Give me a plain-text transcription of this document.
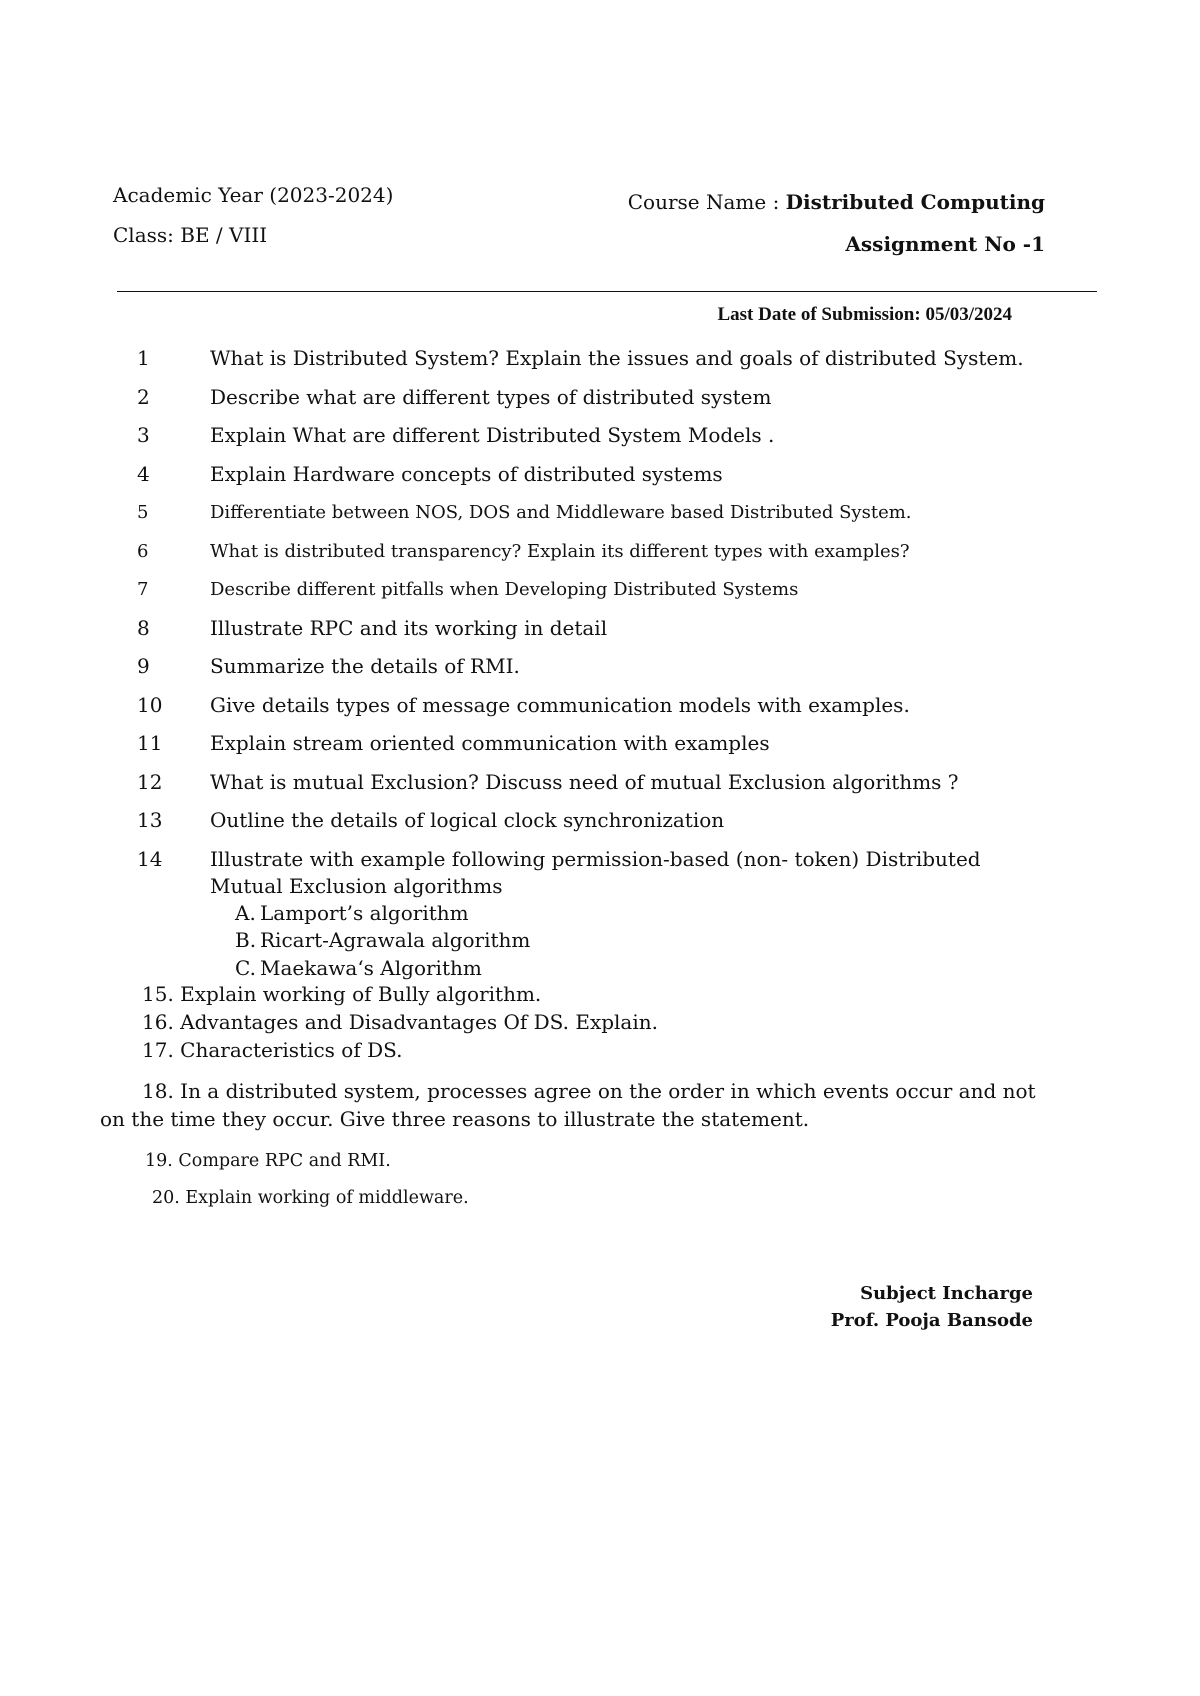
Academic Year (2023-2024)
Class: BE / VIII
Course Name : Distributed Computing
Assignment No -1
Last Date of Submission: 05/03/2024
1	What is Distributed System? Explain the issues and goals of distributed System.
2	Describe what are different types of distributed system
3	Explain What are different Distributed System Models .
4	Explain Hardware concepts of distributed systems
5	Differentiate between NOS, DOS and Middleware based Distributed System.
6	What is distributed transparency? Explain its different types with examples?
7	Describe different pitfalls when Developing Distributed Systems
8	Illustrate RPC and its working in detail
9	Summarize the details of RMI.
10	Give details types of message communication models with examples.
11	Explain stream oriented communication with examples
12	What is mutual Exclusion? Discuss need of mutual Exclusion algorithms ?
13	Outline the details of logical clock synchronization
14	Illustrate with example following permission-based (non- token) Distributed Mutual Exclusion algorithms
A. Lamport’s algorithm
B. Ricart-Agrawala algorithm
C. Maekawa‘s Algorithm
15. Explain working of Bully algorithm.
16. Advantages and Disadvantages Of DS. Explain.
17. Characteristics of DS.
18. In a distributed system, processes agree on the order in which events occur and not on the time they occur. Give three reasons to illustrate the statement.
19. Compare RPC and RMI.
20. Explain working of middleware.
Subject Incharge
Prof. Pooja Bansode
